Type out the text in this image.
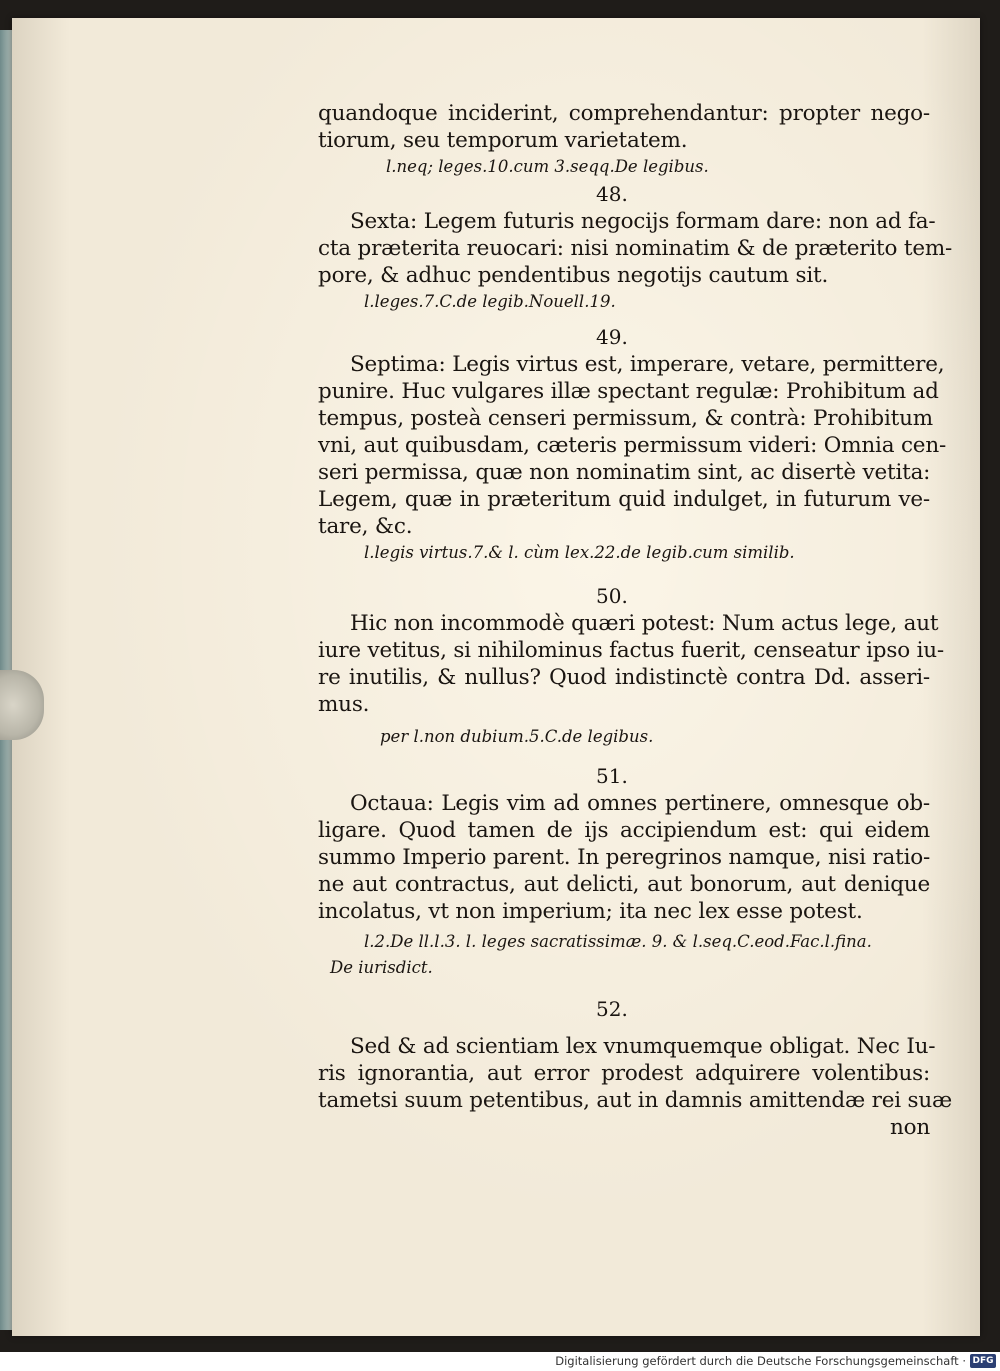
quandoque inciderint, comprehendantur: propter nego-
tiorum, seu temporum varietatem.
l.neq; leges.10.cum 3.seqq.De legibus.
48.
Sexta: Legem futuris negocijs formam dare: non ad fa-
cta præterita reuocari: nisi nominatim & de præterito tem-
pore, & adhuc pendentibus negotijs cautum sit.
l.leges.7.C.de legib.Nouell.19.
49.
Septima: Legis virtus est, imperare, vetare, permittere,
punire. Huc vulgares illæ spectant regulæ: Prohibitum ad
tempus, posteà censeri permissum, & contrà: Prohibitum
vni, aut quibusdam, cæteris permissum videri: Omnia cen-
seri permissa, quæ non nominatim sint, ac disertè vetita:
Legem, quæ in præteritum quid indulget, in futurum ve-
tare, &c.
l.legis virtus.7.& l. cùm lex.22.de legib.cum similib.
50.
Hic non incommodè quæri potest: Num actus lege, aut
iure vetitus, si nihilominus factus fuerit, censeatur ipso iu-
re inutilis, & nullus? Quod indistinctè contra Dd. asseri-
mus.
per l.non dubium.5.C.de legibus.
51.
Octaua: Legis vim ad omnes pertinere, omnesque ob-
ligare. Quod tamen de ijs accipiendum est: qui eidem
summo Imperio parent. In peregrinos namque, nisi ratio-
ne aut contractus, aut delicti, aut bonorum, aut denique
incolatus, vt non imperium; ita nec lex esse potest.
l.2.De ll.l.3. l. leges sacratissimæ. 9. & l.seq.C.eod.Fac.l.fina.
De iurisdict.
52.
Sed & ad scientiam lex vnumquemque obligat. Nec Iu-
ris ignorantia, aut error prodest adquirere volentibus:
tametsi suum petentibus, aut in damnis amittendæ rei suæ
non
Digitalisierung gefördert durch die Deutsche Forschungsgemeinschaft · DFG
